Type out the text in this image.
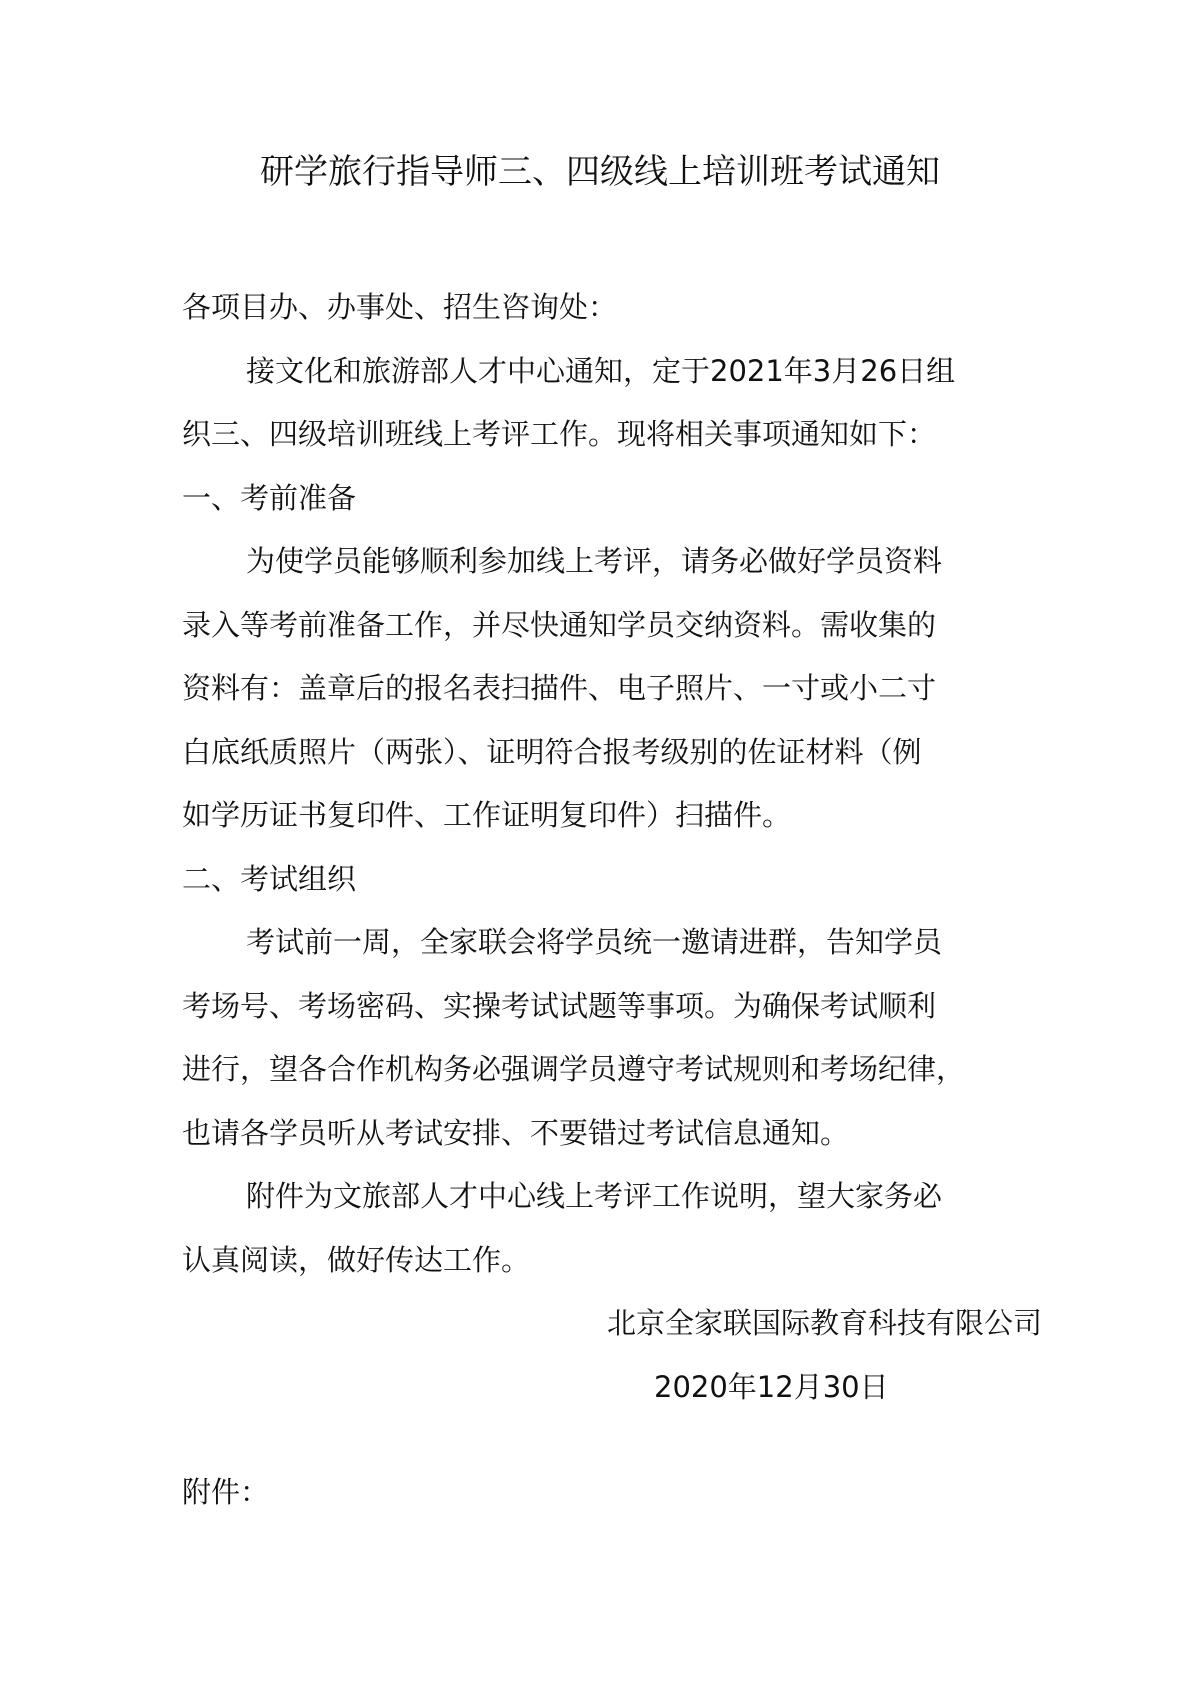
研学旅行指导师三、四级线上培训班考试通知
各项目办、办事处、招生咨询处：
接文化和旅游部人才中心通知，定于2021年3月26日组
织三、四级培训班线上考评工作。现将相关事项通知如下：
一、考前准备
为使学员能够顺利参加线上考评，请务必做好学员资料
录入等考前准备工作，并尽快通知学员交纳资料。需收集的
资料有：盖章后的报名表扫描件、电子照片、一寸或小二寸
白底纸质照片（两张）、证明符合报考级别的佐证材料（例
如学历证书复印件、工作证明复印件）扫描件。
二、考试组织
考试前一周，全家联会将学员统一邀请进群，告知学员
考场号、考场密码、实操考试试题等事项。为确保考试顺利
进行，望各合作机构务必强调学员遵守考试规则和考场纪律，
也请各学员听从考试安排、不要错过考试信息通知。
附件为文旅部人才中心线上考评工作说明，望大家务必
认真阅读，做好传达工作。
北京全家联国际教育科技有限公司
2020年12月30日
附件：
